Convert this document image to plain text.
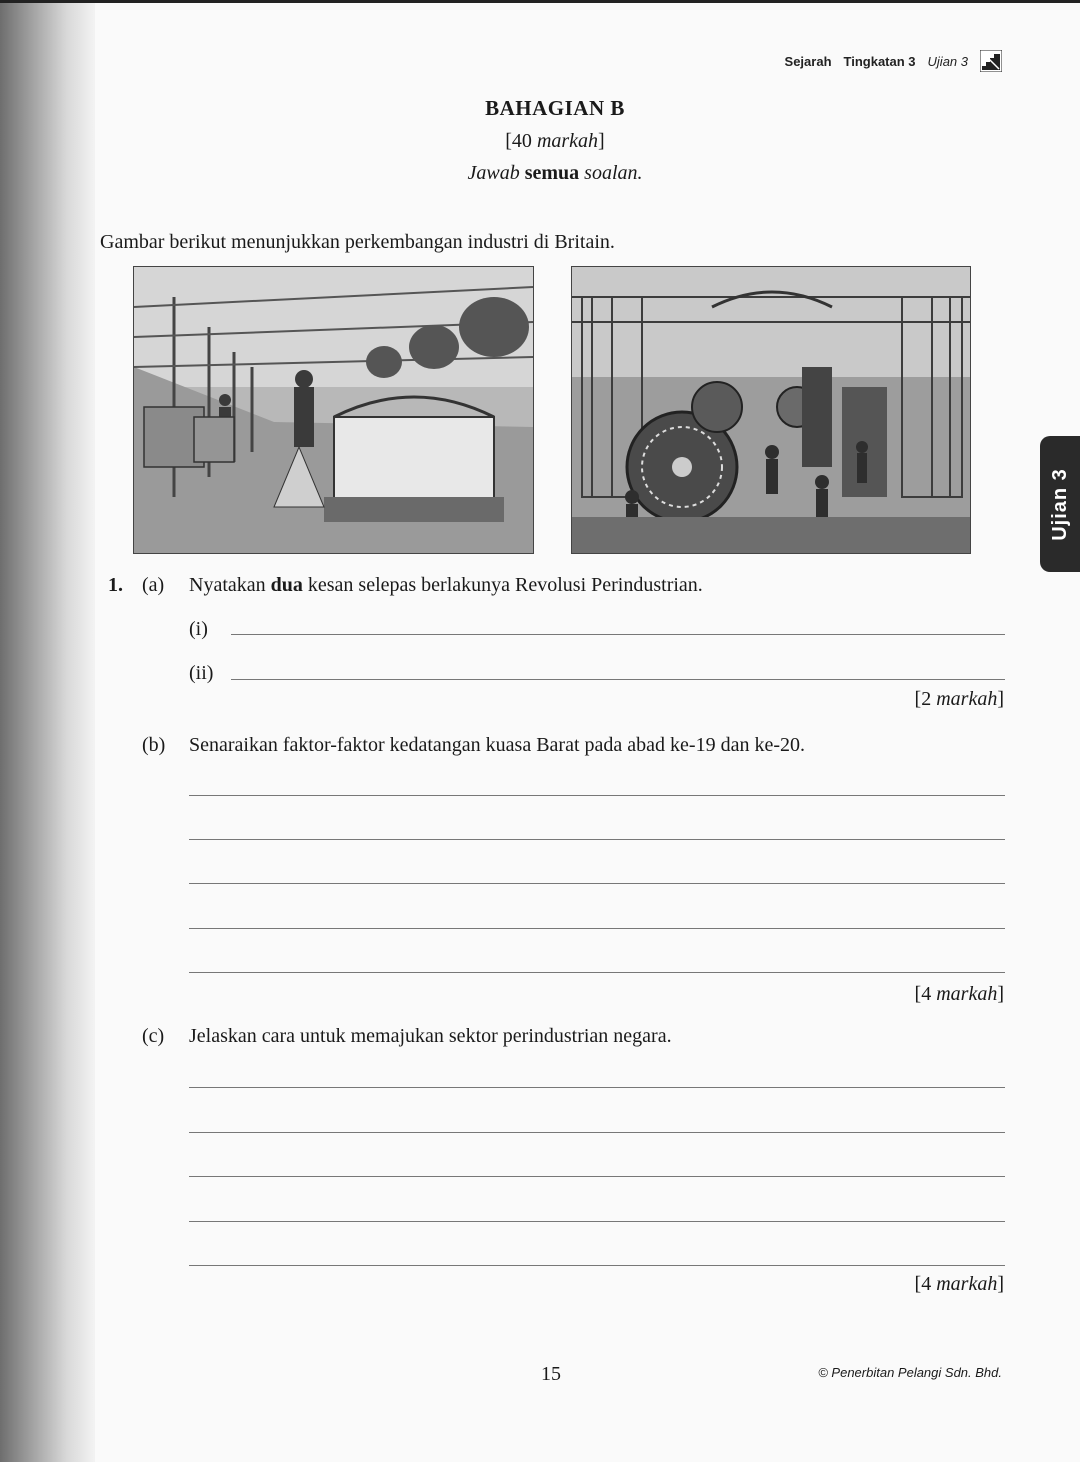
Sejarah Tingkatan 3 Ujian 3
BAHAGIAN B
[40 markah]
Jawab semua soalan.
Gambar berikut menunjukkan perkembangan industri di Britain.
Ujian 3
1. (a) Nyatakan dua kesan selepas berlakunya Revolusi Perindustrian.
(i)
(ii)
[2 markah]
(b) Senaraikan faktor-faktor kedatangan kuasa Barat pada abad ke-19 dan ke-20.
[4 markah]
(c) Jelaskan cara untuk memajukan sektor perindustrian negara.
[4 markah]
15	© Penerbitan Pelangi Sdn. Bhd.
